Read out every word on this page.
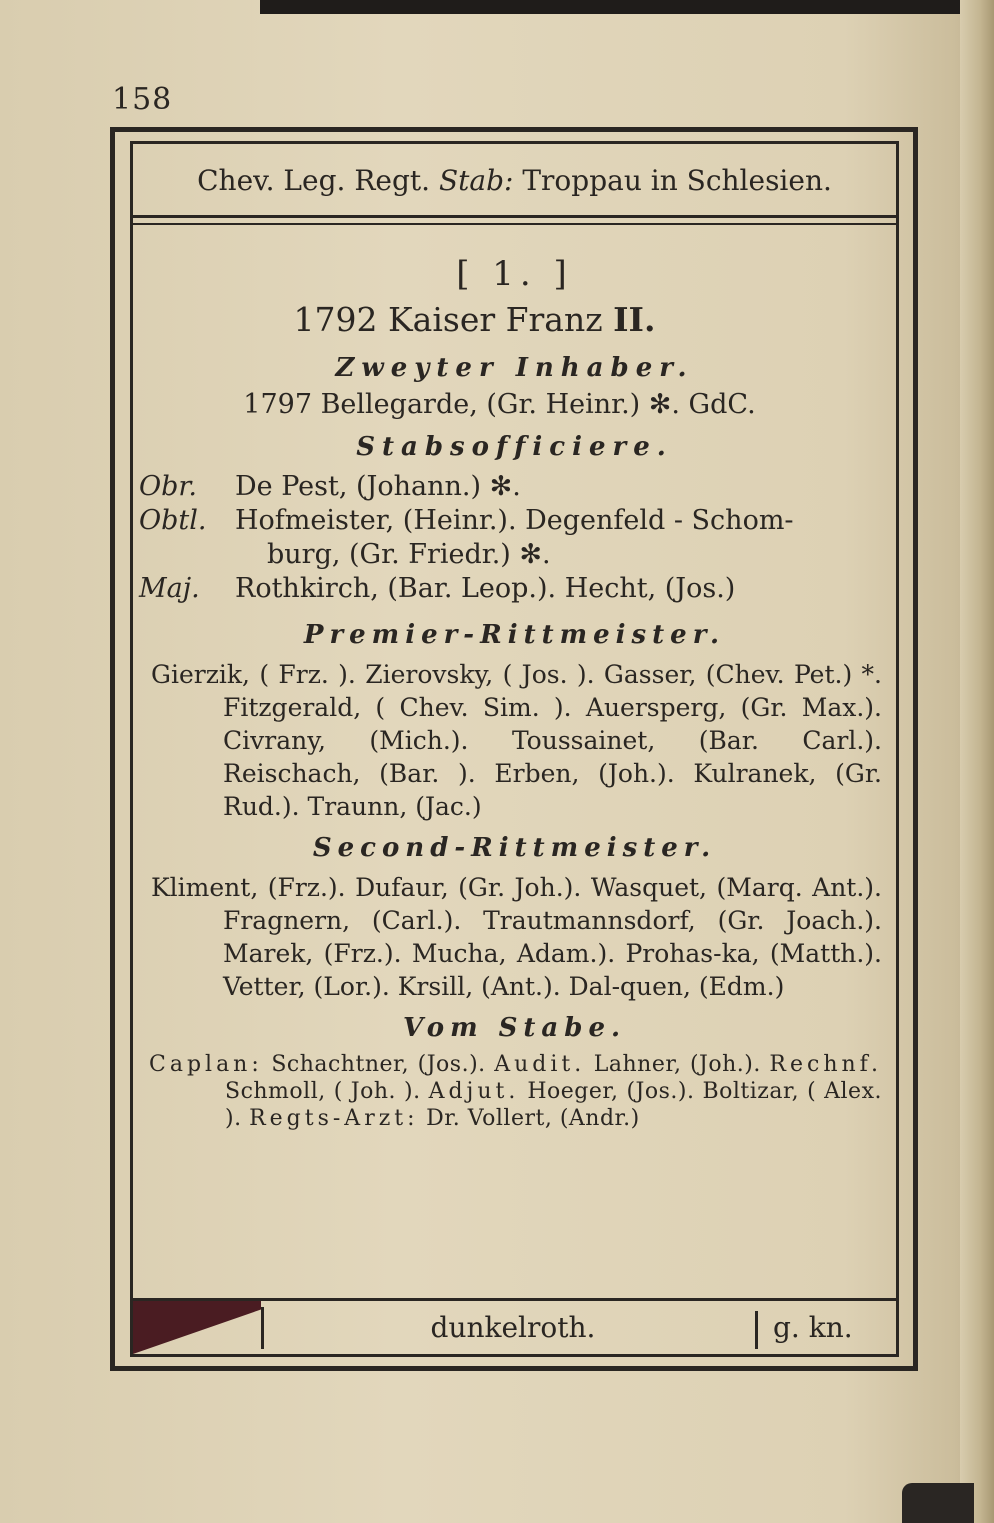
158
Chev. Leg. Regt. Stab: Troppau in Schlesien.
[ 1. ]
1792 Kaiser Franz II.
Zweyter Inhaber.
1797 Bellegarde, (Gr. Heinr.) ✻. GdC.
Stabsofficiere.
Obr.	De Pest, (Johann.) ✻.
Obtl.	Hofmeister, (Heinr.). Degenfeld - Schom-
burg, (Gr. Friedr.) ✻.
Maj.	Rothkirch, (Bar. Leop.). Hecht, (Jos.)
Premier-Rittmeister.
Gierzik, ( Frz. ). Zierovsky, ( Jos. ). Gasser, (Chev. Pet.) *. Fitzgerald, ( Chev. Sim. ). Auersperg, (Gr. Max.). Civrany, (Mich.). Toussainet, (Bar. Carl.). Reischach, (Bar. ). Erben, (Joh.). Kulranek, (Gr. Rud.). Traunn, (Jac.)
Second-Rittmeister.
Kliment, (Frz.). Dufaur, (Gr. Joh.). Wasquet, (Marq. Ant.). Fragnern, (Carl.). Trautmannsdorf, (Gr. Joach.). Marek, (Frz.). Mucha, Adam.). Prohas-ka, (Matth.). Vetter, (Lor.). Krsill, (Ant.). Dal-quen, (Edm.)
Vom Stabe.
Caplan: Schachtner, (Jos.). Audit. Lahner, (Joh.). Rechnf. Schmoll, ( Joh. ). Adjut. Hoeger, (Jos.). Boltizar, ( Alex. ). Regts-Arzt: Dr. Vollert, (Andr.)
dunkelroth.	g. kn.
